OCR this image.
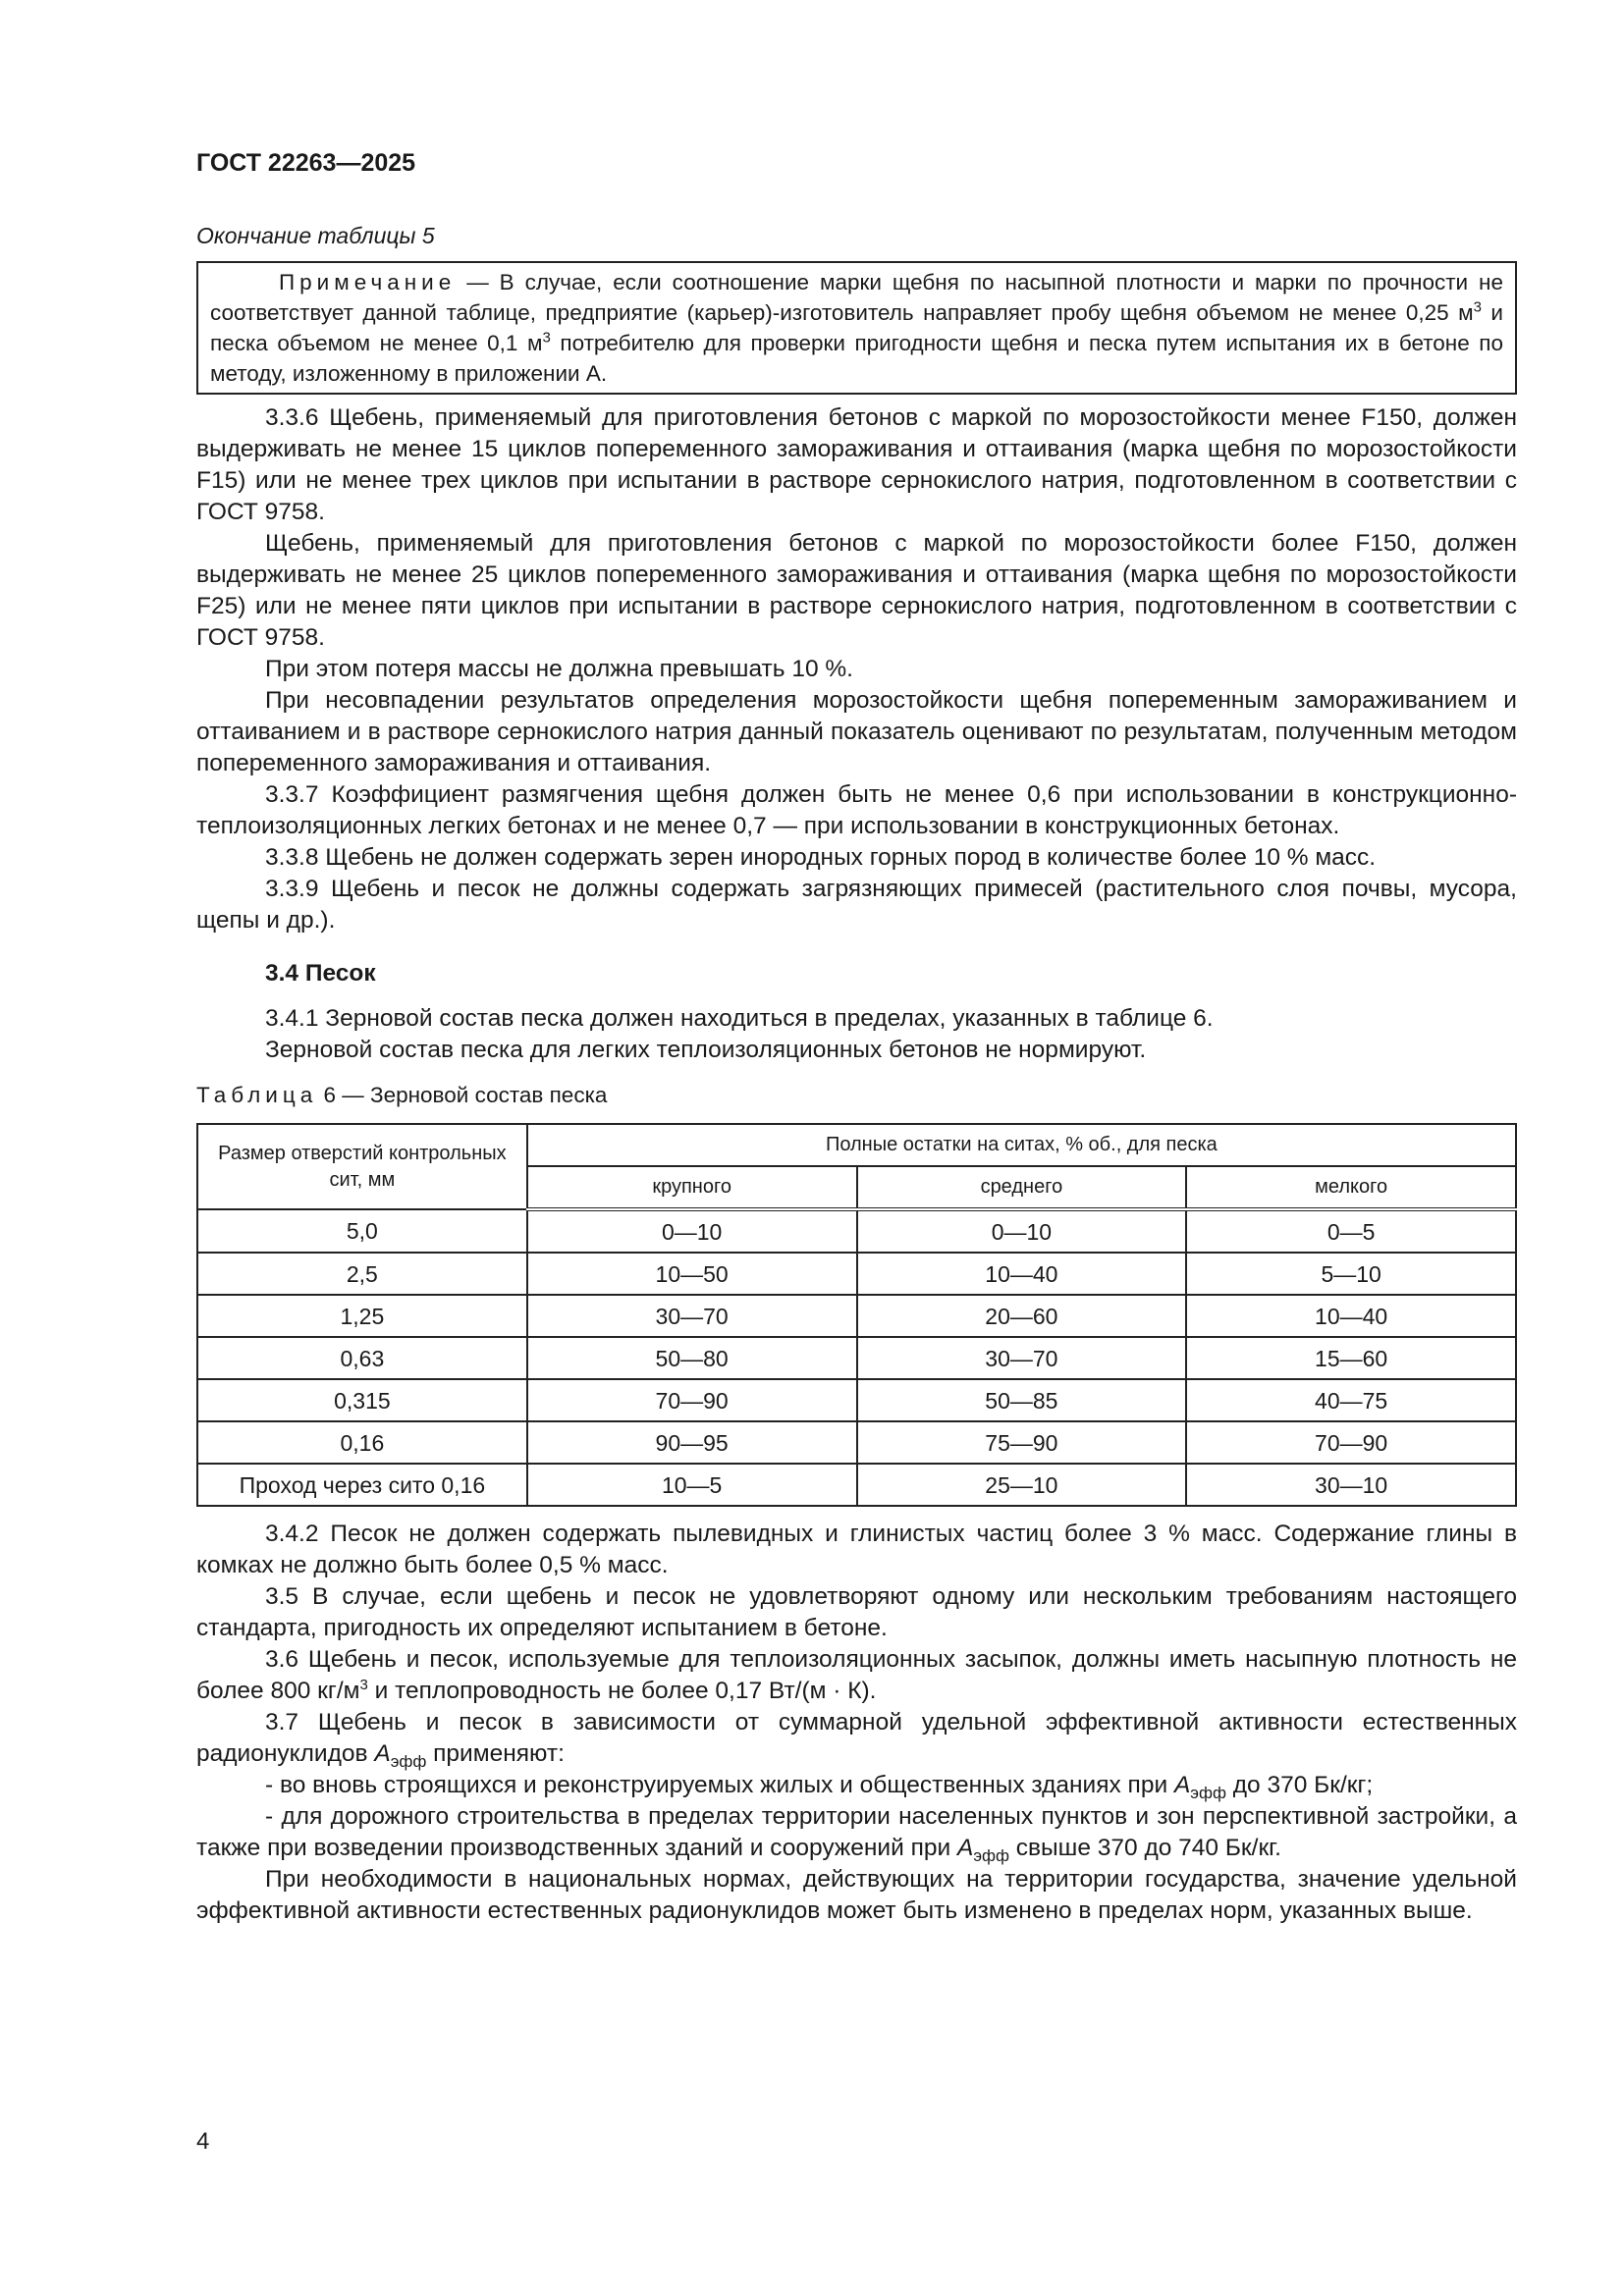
ГОСТ 22263—2025
Окончание таблицы 5
Примечание — В случае, если соотношение марки щебня по насыпной плотности и марки по прочности не соответствует данной таблице, предприятие (карьер)-изготовитель направляет пробу щебня объемом не менее 0,25 $м^3$ и песка объемом не менее 0,1 $м^3$ потребителю для проверки пригодности щебня и песка путем испытания их в бетоне по методу, изложенному в приложении А.

3.3.6 Щебень, применяемый для приготовления бетонов с маркой по морозостойкости менее F150, должен выдерживать не менее 15 циклов попеременного замораживания и оттаивания (марка щебня по морозостойкости F15) или не менее трех циклов при испытании в растворе сернокислого натрия, подготовленном в соответствии с ГОСТ 9758.

Щебень, применяемый для приготовления бетонов с маркой по морозостойкости более F150, должен выдерживать не менее 25 циклов попеременного замораживания и оттаивания (марка щебня по морозостойкости F25) или не менее пяти циклов при испытании в растворе сернокислого натрия, подготовленном в соответствии с ГОСТ 9758.

При этом потеря массы не должна превышать 10 %.

При несовпадении результатов определения морозостойкости щебня попеременным замораживанием и оттаиванием и в растворе сернокислого натрия данный показатель оценивают по результатам, полученным методом попеременного замораживания и оттаивания.

3.3.7 Коэффициент размягчения щебня должен быть не менее 0,6 при использовании в конструкционно-теплоизоляционных легких бетонах и не менее 0,7 — при использовании в конструкционных бетонах.

3.3.8 Щебень не должен содержать зерен инородных горных пород в количестве более 10 % масс.

3.3.9 Щебень и песок не должны содержать загрязняющих примесей (растительного слоя почвы, мусора, щепы и др.).

3.4 Песок

3.4.1 Зерновой состав песка должен находиться в пределах, указанных в таблице 6.

Зерновой состав песка для легких теплоизоляционных бетонов не нормируют.

Таблица 6 — Зерновой состав песка
Размер отверстий контрольных сит, мм	Полные остатки на ситах, % об., для песка		
	крупного	среднего	мелкого
5,0	0—10	0—10	0—5
2,5	10—50	10—40	5—10
1,25	30—70	20—60	10—40
0,63	50—80	30—70	15—60
0,315	70—90	50—85	40—75
0,16	90—95	75—90	70—90
Проход через сито 0,16	10—5	25—10	30—10

3.4.2 Песок не должен содержать пылевидных и глинистых частиц более 3 % масс. Содержание глины в комках не должно быть более 0,5 % масс.

3.5 В случае, если щебень и песок не удовлетворяют одному или нескольким требованиям настоящего стандарта, пригодность их определяют испытанием в бетоне.

3.6 Щебень и песок, используемые для теплоизоляционных засыпок, должны иметь насыпную плотность не более 800 $кг/м^3$ и теплопроводность не более 0,17 Вт/(м · К).

3.7 Щебень и песок в зависимости от суммарной удельной эффективной активности естественных радионуклидов $A_{эфф}$ применяют:

- во вновь строящихся и реконструируемых жилых и общественных зданиях при $A_{эфф}$ до 370 Бк/кг;
- для дорожного строительства в пределах территории населенных пунктов и зон перспективной застройки, а также при возведении производственных зданий и сооружений при $A_{эфф}$ свыше 370 до 740 Бк/кг.

При необходимости в национальных нормах, действующих на территории государства, значение удельной эффективной активности естественных радионуклидов может быть изменено в пределах норм, указанных выше.

4
